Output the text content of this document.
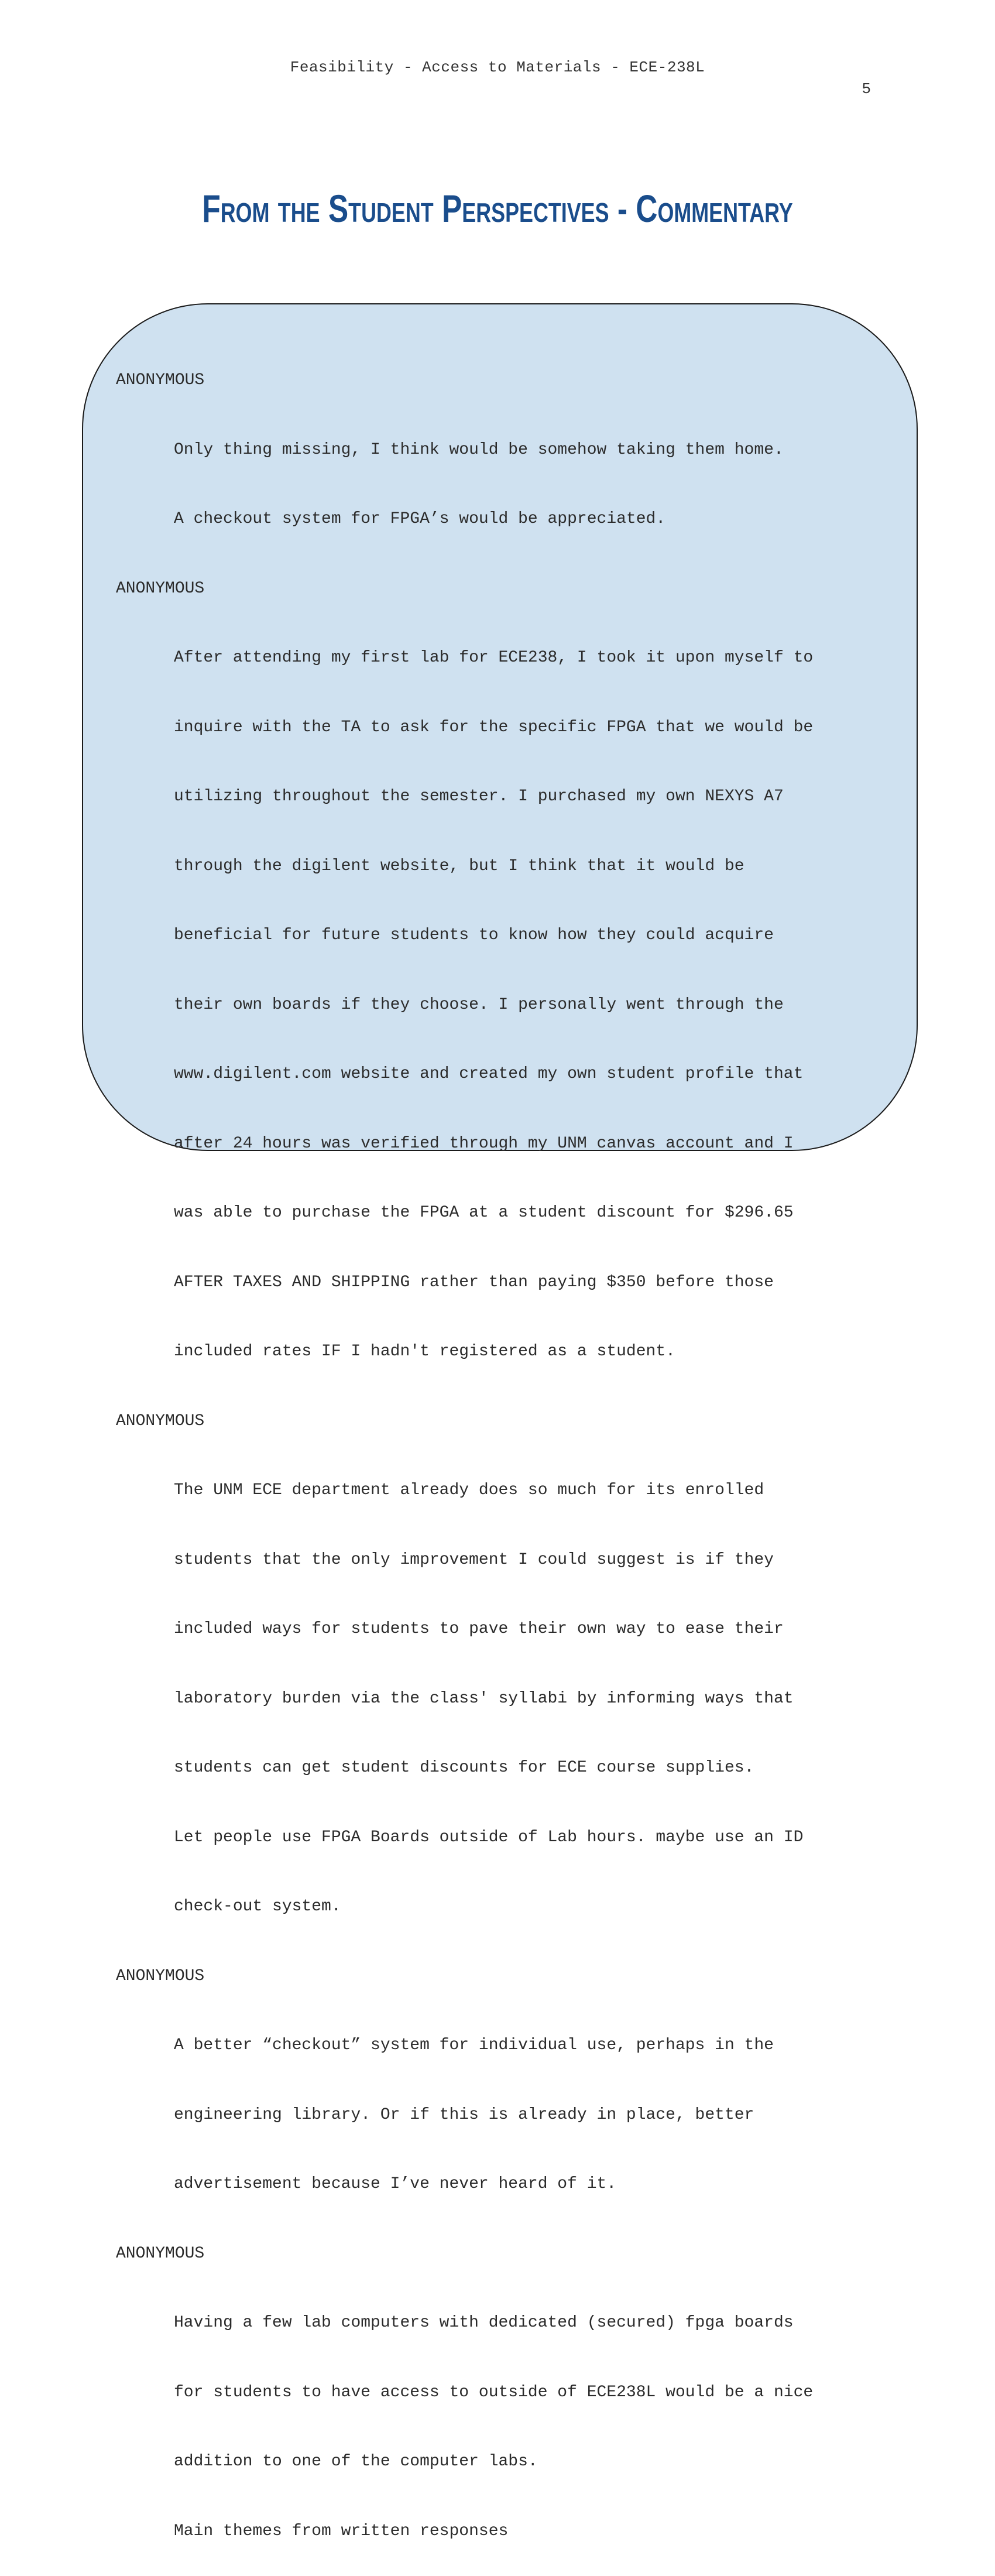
Feasibility - Access to Materials - ECE-238L
5
From the Student Perspectives - Commentary
ANONYMOUS

Only thing missing, I think would be somehow taking them home.

A checkout system for FPGA’s would be appreciated.

ANONYMOUS

After attending my first lab for ECE238, I took it upon myself to

inquire with the TA to ask for the specific FPGA that we would be

utilizing throughout the semester. I purchased my own NEXYS A7

through the digilent website, but I think that it would be

beneficial for future students to know how they could acquire

their own boards if they choose. I personally went through the

www.digilent.com website and created my own student profile that

after 24 hours was verified through my UNM canvas account and I

was able to purchase the FPGA at a student discount for $296.65

AFTER TAXES AND SHIPPING rather than paying $350 before those

included rates IF I hadn't registered as a student.

ANONYMOUS

The UNM ECE department already does so much for its enrolled

students that the only improvement I could suggest is if they

included ways for students to pave their own way to ease their

laboratory burden via the class' syllabi by informing ways that

students can get student discounts for ECE course supplies.

Let people use FPGA Boards outside of Lab hours. maybe use an ID

check-out system.

ANONYMOUS

A better “checkout” system for individual use, perhaps in the

engineering library. Or if this is already in place, better

advertisement because I’ve never heard of it.

ANONYMOUS

Having a few lab computers with dedicated (secured) fpga boards

for students to have access to outside of ECE238L would be a nice

addition to one of the computer labs.

Main themes from written responses
